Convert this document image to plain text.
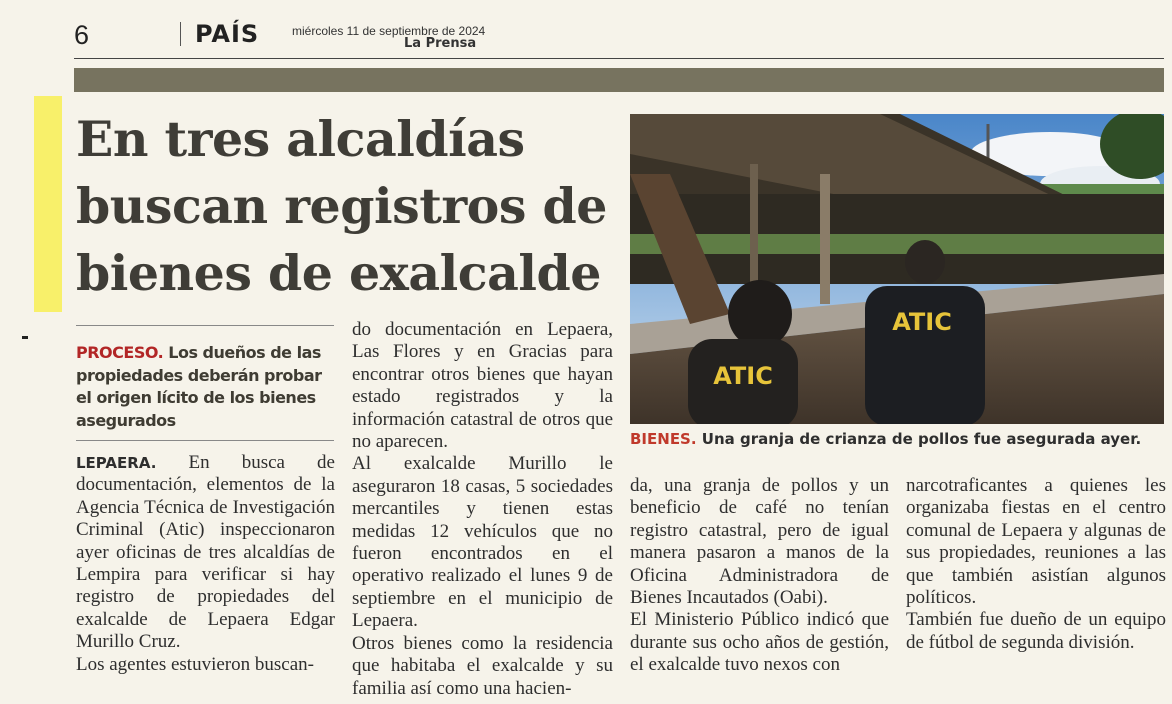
6	PAÍS	miércoles 11 de septiembre de 2024
La Prensa
En tres alcaldías buscan registros de bienes de exalcalde
PROCESO. Los dueños de las propiedades deberán probar el origen lícito de los bienes asegurados

LEPAERA. En busca de documentación, elementos de la Agencia Técnica de Investigación Criminal (Atic) inspeccionaron ayer oficinas de tres alcaldías de Lempira para verificar si hay registro de propiedades del exalcalde de Lepaera Edgar Murillo Cruz.

Los agentes estuvieron buscan-

do documentación en Lepaera, Las Flores y en Gracias para encontrar otros bienes que hayan estado registrados y la información catastral de otros que no aparecen.

Al exalcalde Murillo le aseguraron 18 casas, 5 sociedades mercantiles y tienen estas medidas 12 vehículos que no fueron encontrados en el operativo realizado el lunes 9 de septiembre en el municipio de Lepaera.

Otros bienes como la residencia que habitaba el exalcalde y su familia así como una hacien-

ATIC
ATIC
BIENES. Una granja de crianza de pollos fue asegurada ayer.

da, una granja de pollos y un beneficio de café no tenían registro catastral, pero de igual manera pasaron a manos de la Oficina Administradora de Bienes Incautados (Oabi).

El Ministerio Público indicó que durante sus ocho años de gestión, el exalcalde tuvo nexos con

narcotraficantes a quienes les organizaba fiestas en el centro comunal de Lepaera y algunas de sus propiedades, reuniones a las que también asistían algunos políticos.

También fue dueño de un equipo de fútbol de segunda división.
